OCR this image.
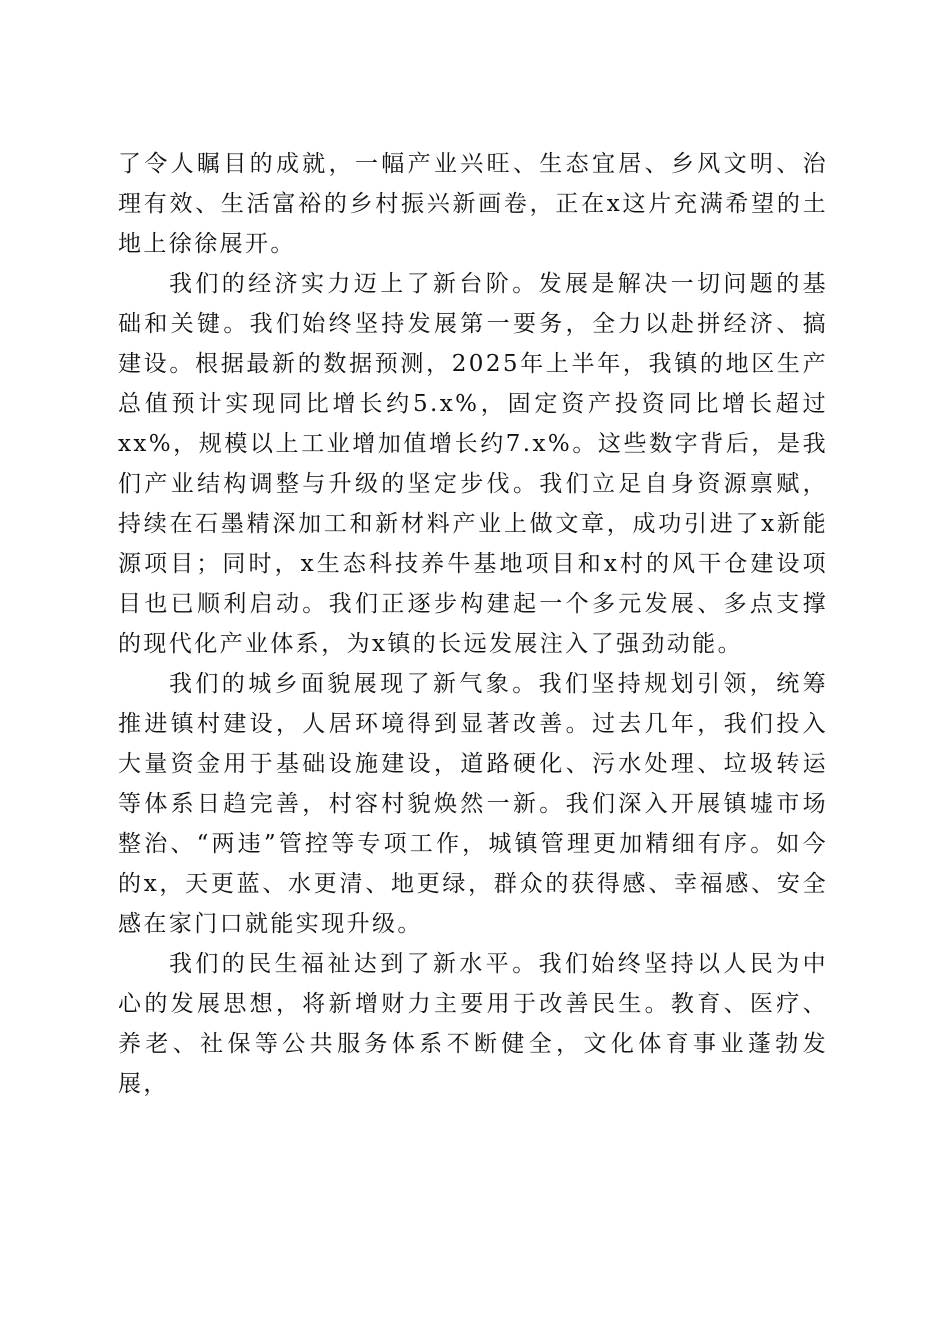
了令人瞩目的成就，一幅产业兴旺、生态宜居、乡风文明、治理有效、生活富裕的乡村振兴新画卷，正在x这片充满希望的土地上徐徐展开。

我们的经济实力迈上了新台阶。发展是解决一切问题的基础和关键。我们始终坚持发展第一要务，全力以赴拼经济、搞建设。根据最新的数据预测，2025年上半年，我镇的地区生产总值预计实现同比增长约5.x%，固定资产投资同比增长超过xx%，规模以上工业增加值增长约7.x%。这些数字背后，是我们产业结构调整与升级的坚定步伐。我们立足自身资源禀赋，持续在石墨精深加工和新材料产业上做文章，成功引进了x新能源项目；同时，x生态科技养牛基地项目和x村的风干仓建设项目也已顺利启动。我们正逐步构建起一个多元发展、多点支撑的现代化产业体系，为x镇的长远发展注入了强劲动能。

我们的城乡面貌展现了新气象。我们坚持规划引领，统筹推进镇村建设，人居环境得到显著改善。过去几年，我们投入大量资金用于基础设施建设，道路硬化、污水处理、垃圾转运等体系日趋完善，村容村貌焕然一新。我们深入开展镇墟市场整治、“两违”管控等专项工作，城镇管理更加精细有序。如今的x，天更蓝、水更清、地更绿，群众的获得感、幸福感、安全感在家门口就能实现升级。

我们的民生福祉达到了新水平。我们始终坚持以人民为中心的发展思想，将新增财力主要用于改善民生。教育、医疗、养老、社保等公共服务体系不断健全，文化体育事业蓬勃发展，
